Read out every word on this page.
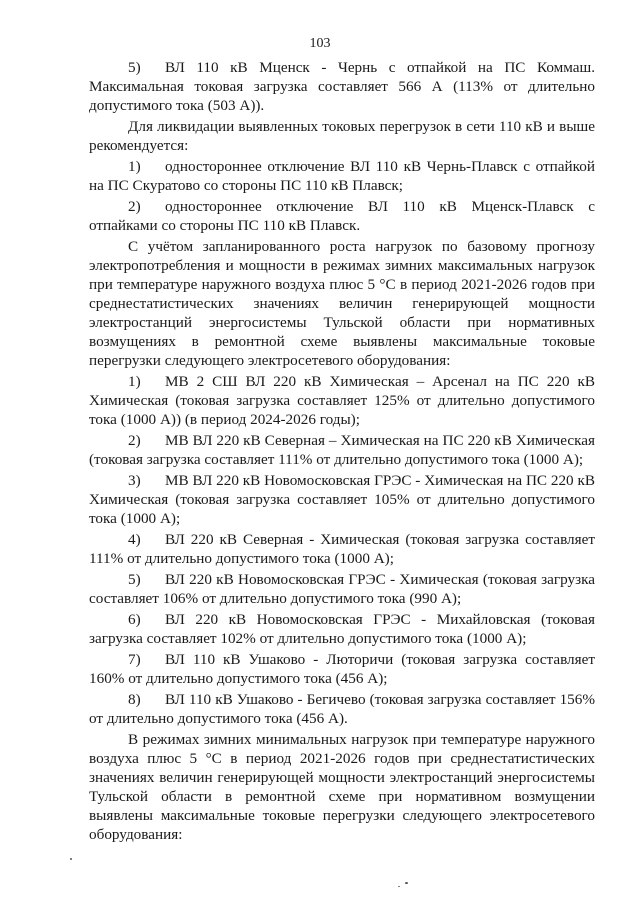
103

5) ВЛ 110 кВ Мценск - Чернь с отпайкой на ПС Коммаш. Максимальная токовая загрузка составляет 566 А (113% от длительно допустимого тока (503 А)).

Для ликвидации выявленных токовых перегрузок в сети 110 кВ и выше рекомендуется:

1) одностороннее отключение ВЛ 110 кВ Чернь-Плавск с отпайкой на ПС Скуратово со стороны ПС 110 кВ Плавск;

2) одностороннее отключение ВЛ 110 кВ Мценск-Плавск с отпайками со стороны ПС 110 кВ Плавск.

С учётом запланированного роста нагрузок по базовому прогнозу электропотребления и мощности в режимах зимних максимальных нагрузок при температуре наружного воздуха плюс 5 °С в период 2021-2026 годов при среднестатистических значениях величин генерирующей мощности электростанций энергосистемы Тульской области при нормативных возмущениях в ремонтной схеме выявлены максимальные токовые перегрузки следующего электросетевого оборудования:

1) МВ 2 СШ ВЛ 220 кВ Химическая – Арсенал на ПС 220 кВ Химическая (токовая загрузка составляет 125% от длительно допустимого тока (1000 А)) (в период 2024-2026 годы);

2) МВ ВЛ 220 кВ Северная – Химическая на ПС 220 кВ Химическая (токовая загрузка составляет 111% от длительно допустимого тока (1000 А);

3) МВ ВЛ 220 кВ Новомосковская ГРЭС - Химическая на ПС 220 кВ Химическая (токовая загрузка составляет 105% от длительно допустимого тока (1000 А);

4) ВЛ 220 кВ Северная - Химическая (токовая загрузка составляет 111% от длительно допустимого тока (1000 А);

5) ВЛ 220 кВ Новомосковская ГРЭС - Химическая (токовая загрузка составляет 106% от длительно допустимого тока (990 А);

6) ВЛ 220 кВ Новомосковская ГРЭС - Михайловская (токовая загрузка составляет 102% от длительно допустимого тока (1000 А);

7) ВЛ 110 кВ Ушаково - Люторичи (токовая загрузка составляет 160% от длительно допустимого тока (456 А);

8) ВЛ 110 кВ Ушаково - Бегичево (токовая загрузка составляет 156% от длительно допустимого тока (456 А).

В режимах зимних минимальных нагрузок при температуре наружного воздуха плюс 5 °С в период 2021-2026 годов при среднестатистических значениях величин генерирующей мощности электростанций энергосистемы Тульской области в ремонтной схеме при нормативном возмущении выявлены максимальные токовые перегрузки следующего электросетевого оборудования:
